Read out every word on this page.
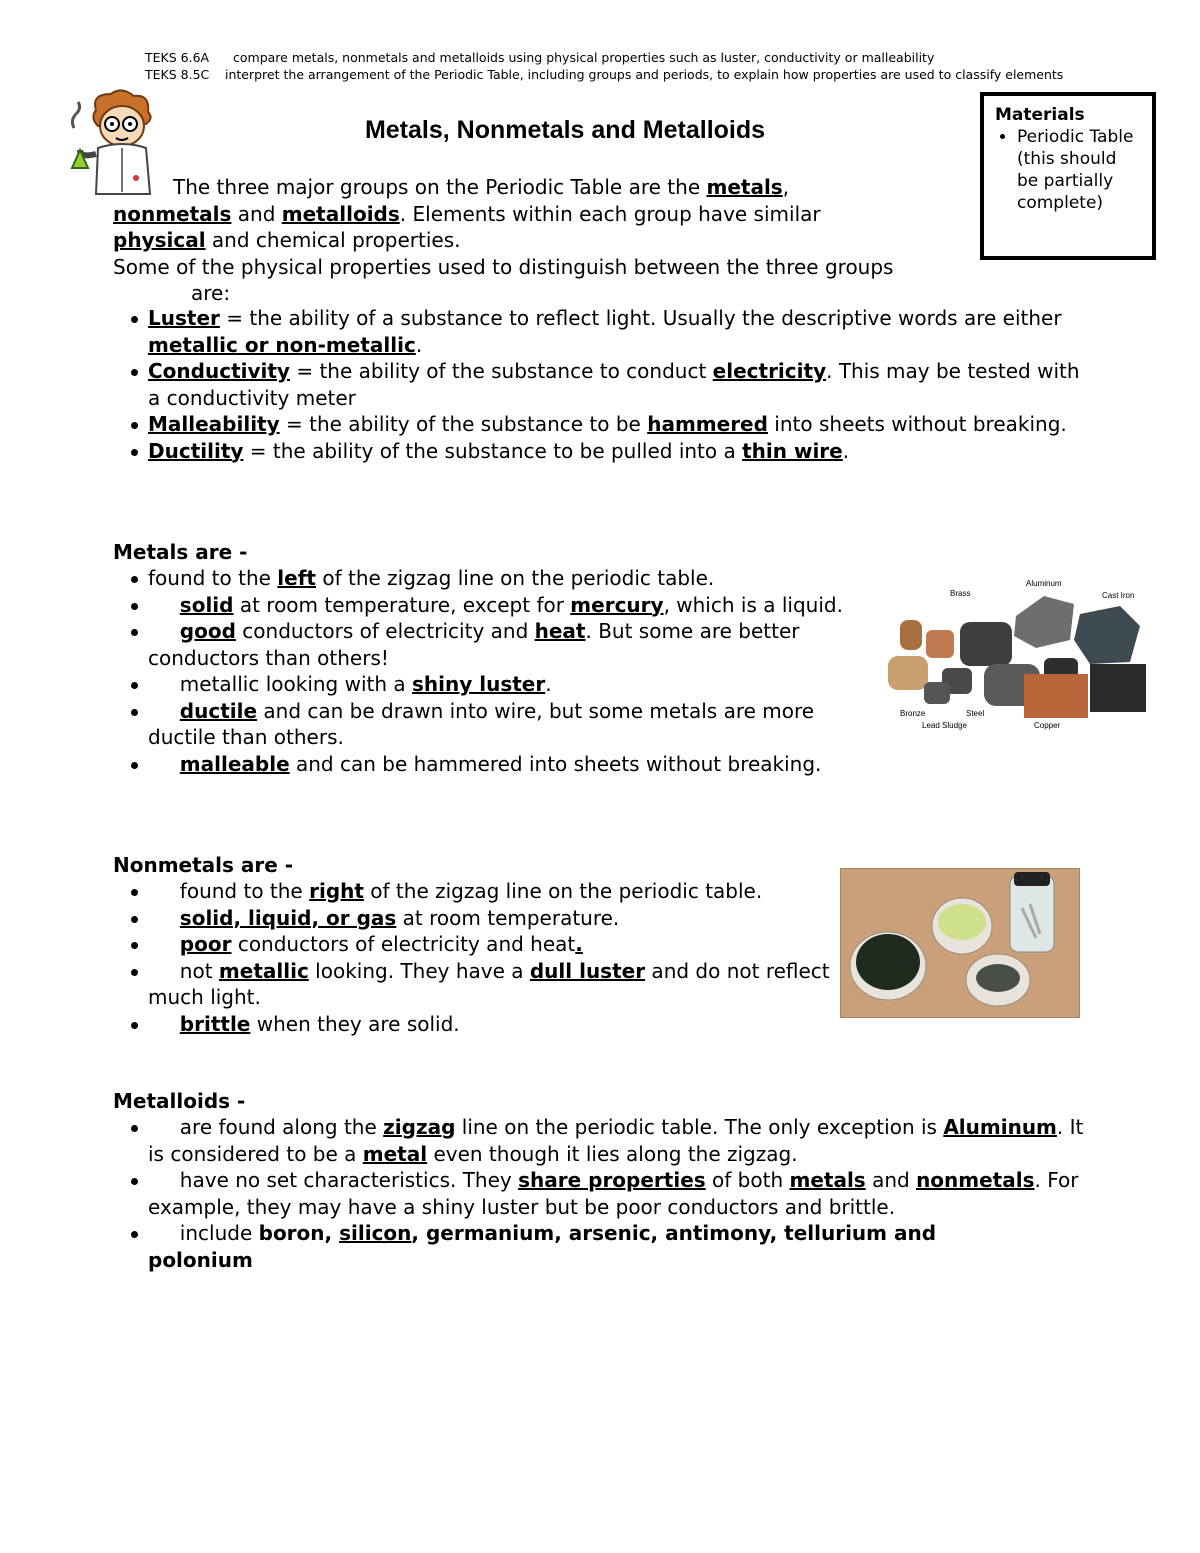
TEKS 6.6A compare metals, nonmetals and metalloids using physical properties such as luster, conductivity or malleability
TEKS 8.5C	interpret the arrangement of the Periodic Table, including groups and periods, to explain how properties are used to classify elements
Metals, Nonmetals and Metalloids
Materials
• Periodic Table (this should be partially complete)
The three major groups on the Periodic Table are the metals,
nonmetals and metalloids. Elements within each group have similar
physical and chemical properties.
Some of the physical properties used to distinguish between the three groups
are:
Luster = the ability of a substance to reflect light. Usually the descriptive words are either metallic or non-metallic.
Conductivity = the ability of the substance to conduct electricity. This may be tested with a conductivity meter
Malleability = the ability of the substance to be hammered into sheets without breaking.
Ductility = the ability of the substance to be pulled into a thin wire.
Metals are -
found to the left of the zigzag line on the periodic table.
solid at room temperature, except for mercury, which is a liquid.
good conductors of electricity and heat. But some are better conductors than others!
metallic looking with a shiny luster.
ductile and can be drawn into wire, but some metals are more ductile than others.
malleable and can be hammered into sheets without breaking.
Brass
Aluminum
Cast Iron
Bronze	Steel
Lead Sludge	Copper
Nonmetals are -
found to the right of the zigzag line on the periodic table.
solid, liquid, or gas at room temperature.
poor conductors of electricity and heat.
not metallic looking. They have a dull luster and do not reflect much light.
brittle when they are solid.
Metalloids -
are found along the zigzag line on the periodic table. The only exception is Aluminum. It is considered to be a metal even though it lies along the zigzag.
have no set characteristics. They share properties of both metals and nonmetals. For example, they may have a shiny luster but be poor conductors and brittle.
include boron, silicon, germanium, arsenic, antimony, tellurium and polonium
